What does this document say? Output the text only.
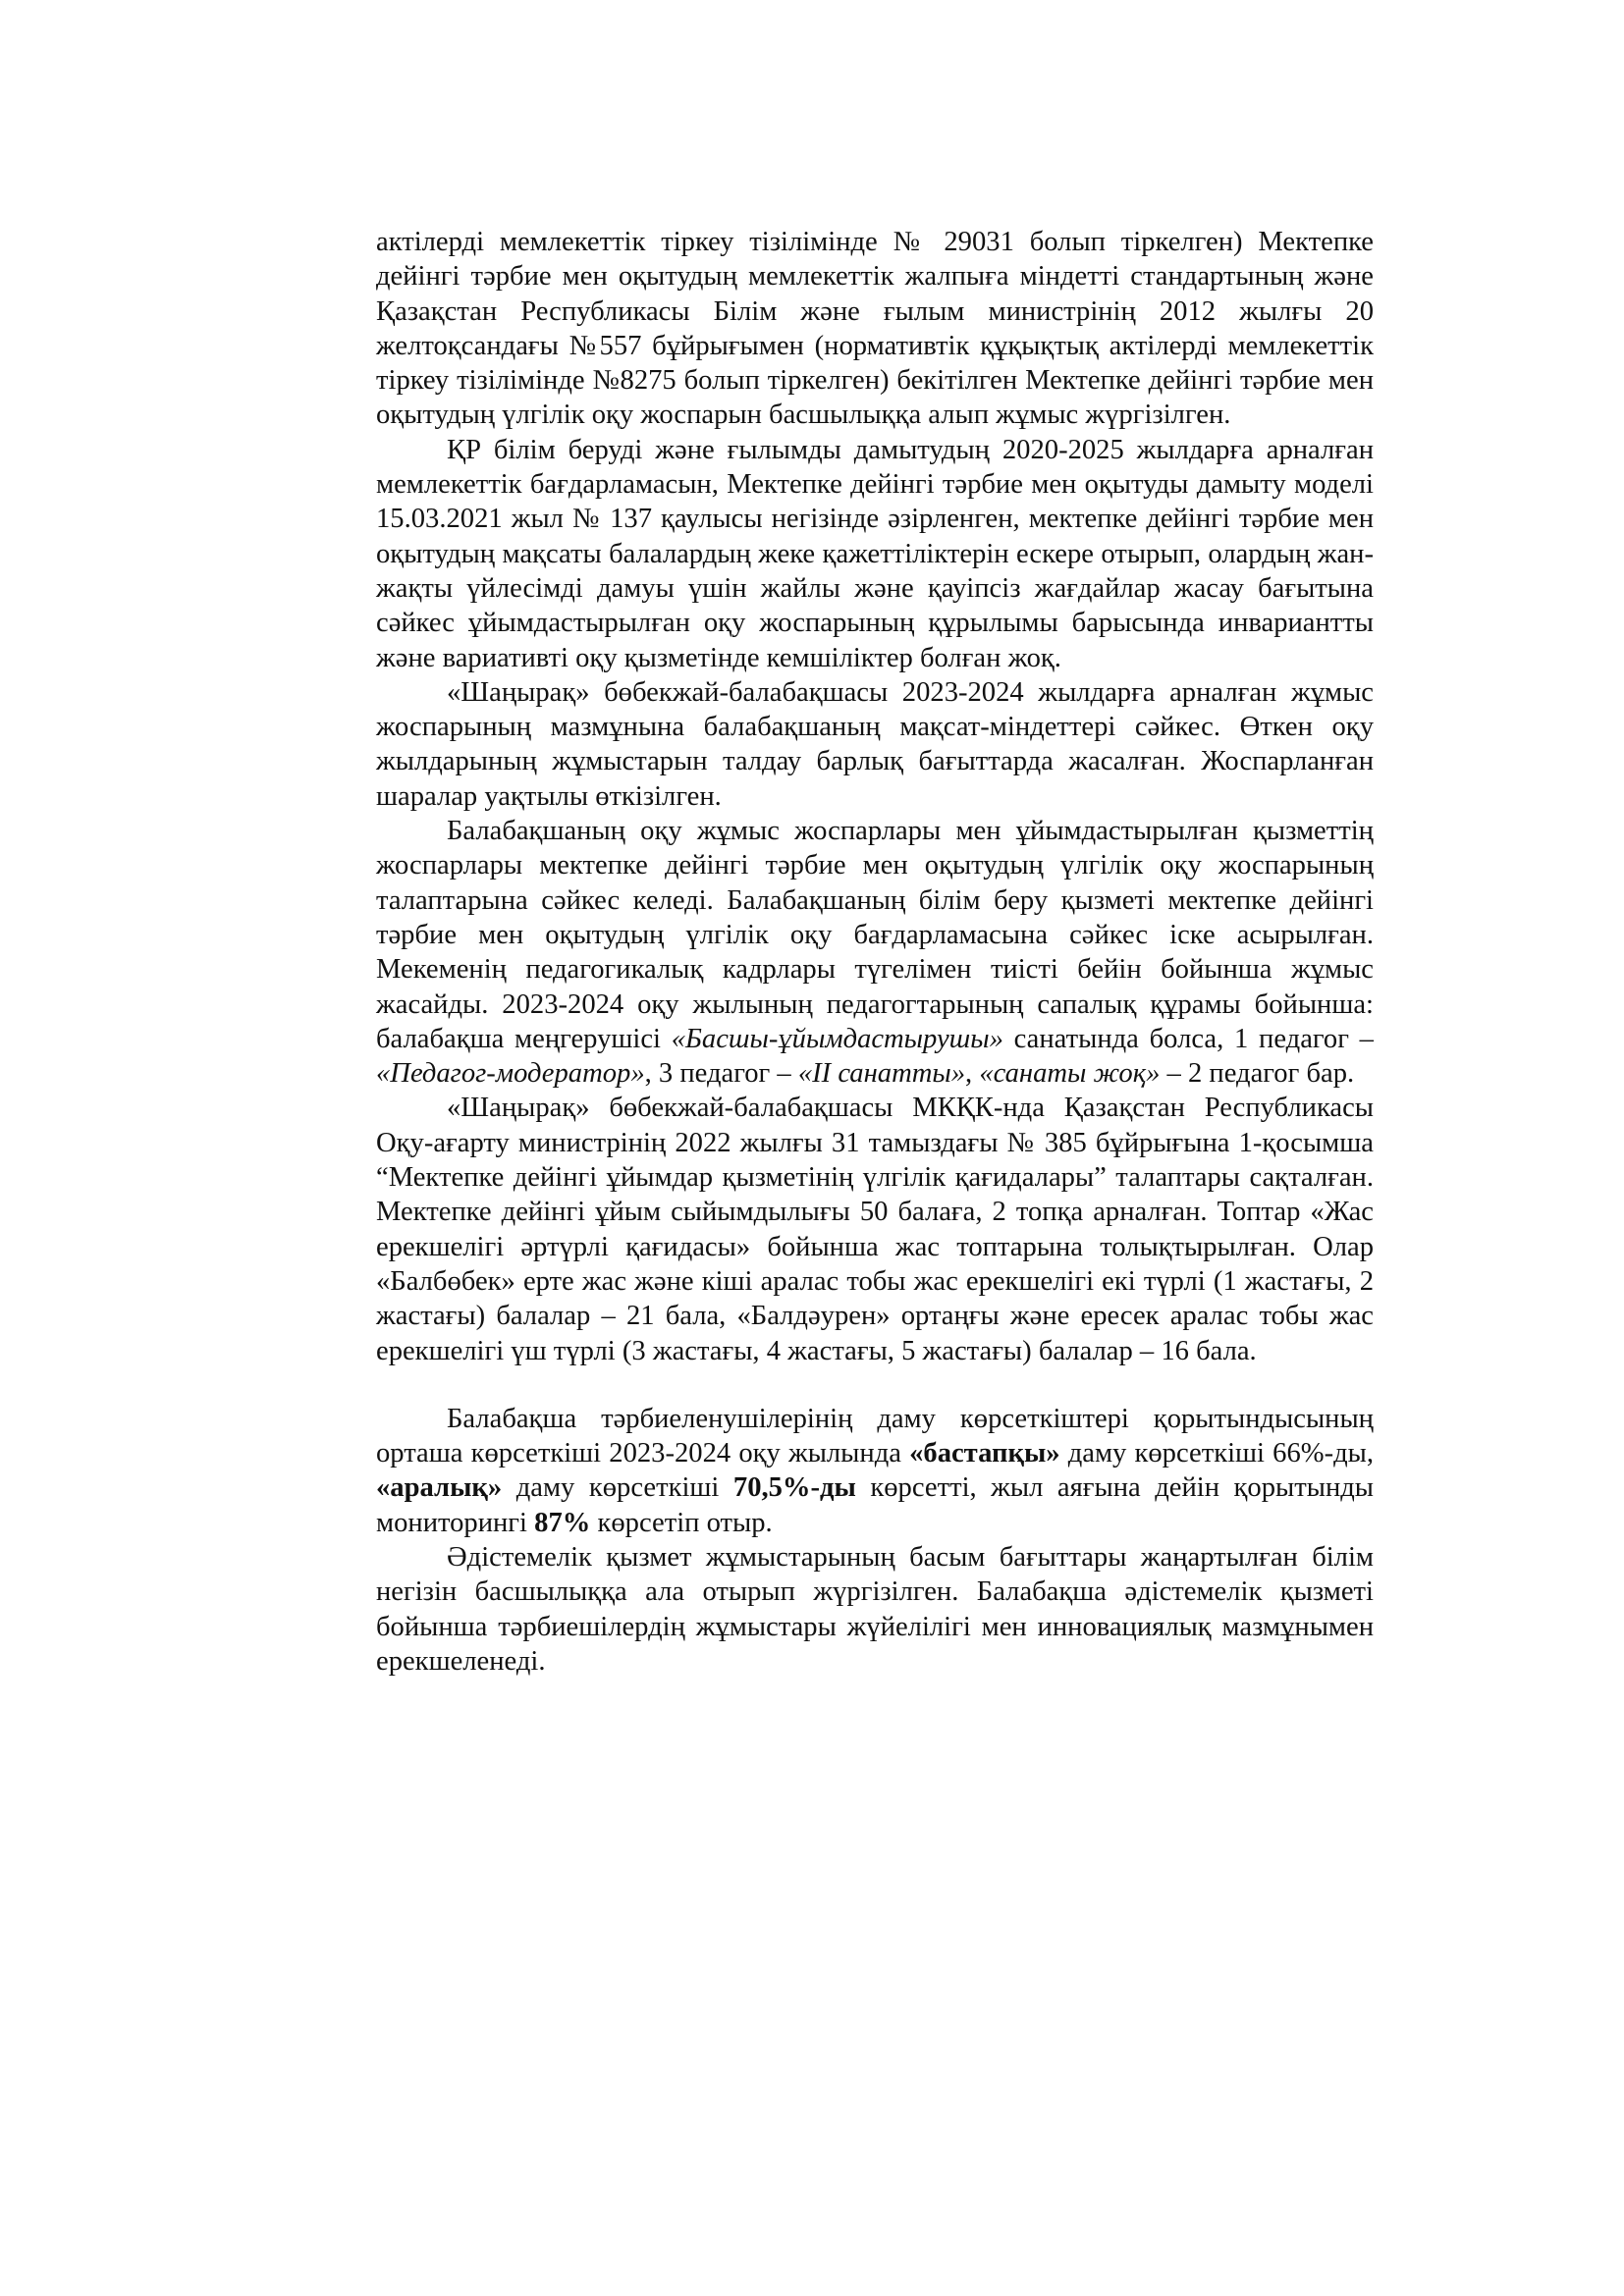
актілерді мемлекеттік тіркеу тізілімінде № 29031 болып тіркелген) Мектепке дейінгі тәрбие мен оқытудың мемлекеттік жалпыға міндетті стандартының және Қазақстан Республикасы Білім және ғылым министрінің 2012 жылғы 20 желтоқсандағы №557 бұйрығымен (нормативтік құқықтық актілерді мемлекеттік тіркеу тізілімінде №8275 болып тіркелген) бекітілген Мектепке дейінгі тәрбие мен оқытудың үлгілік оқу жоспарын басшылыққа алып жұмыс жүргізілген.

ҚР білім беруді және ғылымды дамытудың 2020-2025 жылдарға арналған мемлекеттік бағдарламасын, Мектепке дейінгі тәрбие мен оқытуды дамыту моделі 15.03.2021 жыл № 137 қаулысы негізінде әзірленген, мектепке дейінгі тәрбие мен оқытудың мақсаты балалардың жеке қажеттіліктерін ескере отырып, олардың жан-жақты үйлесімді дамуы үшін жайлы және қауіпсіз жағдайлар жасау бағытына сәйкес ұйымдастырылған оқу жоспарының құрылымы барысында инвариантты және вариативті оқу қызметінде кемшіліктер болған жоқ.

«Шаңырақ» бөбекжай-балабақшасы 2023-2024 жылдарға арналған жұмыс жоспарының мазмұнына балабақшаның мақсат-міндеттері сәйкес. Өткен оқу жылдарының жұмыстарын талдау барлық бағыттарда жасалған. Жоспарланған шаралар уақтылы өткізілген.

Балабақшаның оқу жұмыс жоспарлары мен ұйымдастырылған қызметтің жоспарлары мектепке дейінгі тәрбие мен оқытудың үлгілік оқу жоспарының талаптарына сәйкес келеді. Балабақшаның білім беру қызметі мектепке дейінгі тәрбие мен оқытудың үлгілік оқу бағдарламасына сәйкес іске асырылған. Мекеменің педагогикалық кадрлары түгелімен тиісті бейін бойынша жұмыс жасайды. 2023-2024 оқу жылының педагогтарының сапалық құрамы бойынша: балабақша меңгерушісі «Басшы-ұйымдастырушы» санатында болса, 1 педагог – «Педагог-модератор», 3 педагог – «II санатты», «санаты жоқ» – 2 педагог бар.

«Шаңырақ» бөбекжай-балабақшасы МКҚК-нда Қазақстан Республикасы Оқу-ағарту министрінің 2022 жылғы 31 тамыздағы № 385 бұйрығына 1-қосымша “Мектепке дейінгі ұйымдар қызметінің үлгілік қағидалары” талаптары сақталған. Мектепке дейінгі ұйым сыйымдылығы 50 балаға, 2 топқа арналған. Топтар «Жас ерекшелігі әртүрлі қағидасы» бойынша жас топтарына толықтырылған. Олар «Балбөбек» ерте жас және кіші аралас тобы жас ерекшелігі екі түрлі (1 жастағы, 2 жастағы) балалар – 21 бала, «Балдәурен» ортаңғы және ересек аралас тобы жас ерекшелігі үш түрлі (3 жастағы, 4 жастағы, 5 жастағы) балалар – 16 бала.

Балабақша тәрбиеленушілерінің даму көрсеткіштері қорытындысының орташа көрсеткіші 2023-2024 оқу жылында «бастапқы» даму көрсеткіші 66%-ды, «аралық» даму көрсеткіші 70,5%-ды көрсетті, жыл аяғына дейін қорытынды мониторингі 87% көрсетіп отыр.

Әдістемелік қызмет жұмыстарының басым бағыттары жаңартылған білім негізін басшылыққа ала отырып жүргізілген. Балабақша әдістемелік қызметі бойынша тәрбиешілердің жұмыстары жүйелілігі мен инновациялық мазмұнымен ерекшеленеді.
